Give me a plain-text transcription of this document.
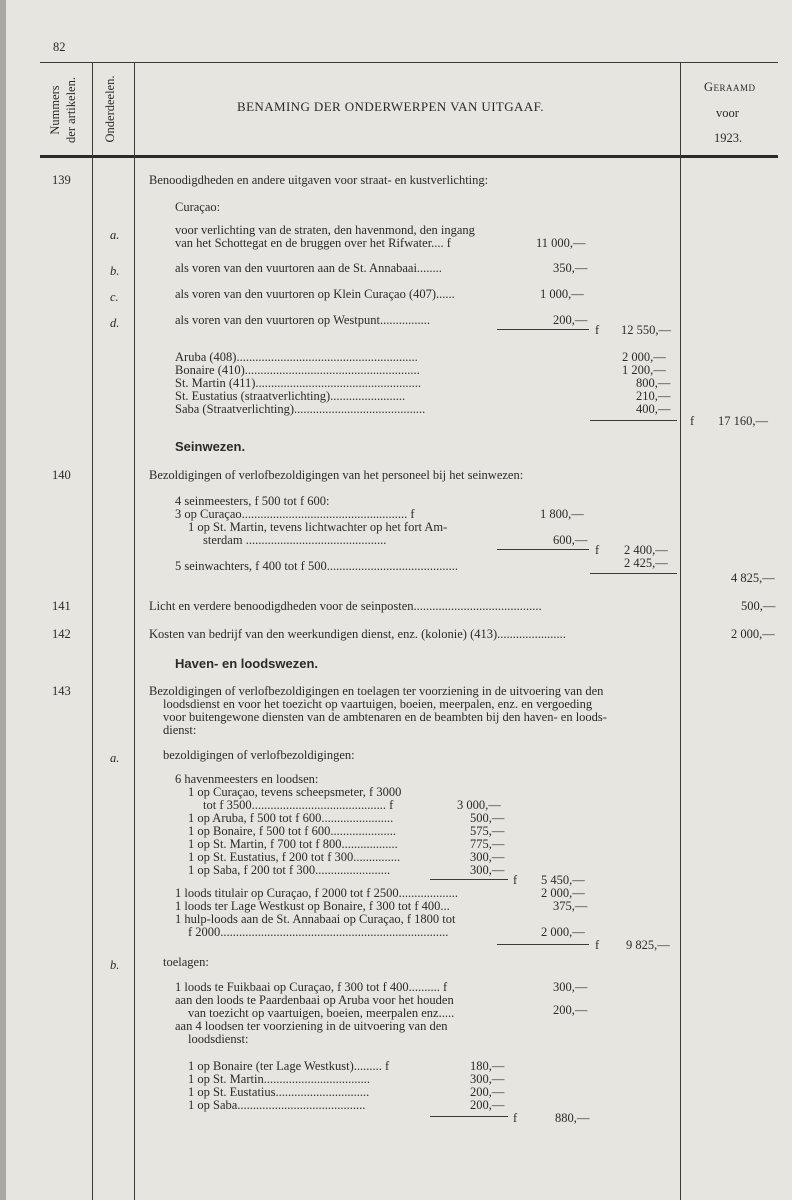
82
Nummers der artikelen.	Onderdeelen.	BENAMING DER ONDERWERPEN VAN UITGAAF.
Geraamd
voor
1923.
139	Benoodigdheden en andere uitgaven voor straat- en kustverlichting:
Curaçao:
a.	voor verlichting van de straten, den havenmond, den ingang
van het Schottegat en de bruggen over het Rifwater.... f	11 000,—
b.	als voren van den vuurtoren aan de St. Annabaai........	350,—
c.	als voren van den vuurtoren op Klein Curaçao (407)......	1 000,—
d.	als voren van den vuurtoren op Westpunt................	200,—
f 12 550,—
Aruba (408)..........................................................	2 000,—
Bonaire (410)........................................................	1 200,—
St. Martin (411).....................................................	800,—
St. Eustatius (straatverlichting)........................	210,—
Saba (Straatverlichting)..........................................	400,—
f 17 160,—
Seinwezen.
140	Bezoldigingen of verlofbezoldigingen van het personeel bij het seinwezen:
4 seinmeesters, f 500 tot f 600:
3 op Curaçao..................................................... f	1 800,—
1 op St. Martin, tevens lichtwachter op het fort Am-
sterdam .............................................	600,—
f 2 400,—
5 seinwachters, f 400 tot f 500..........................................	2 425,—
4 825,—
141	Licht en verdere benoodigdheden voor de seinposten.........................................	500,—
142	Kosten van bedrijf van den weerkundigen dienst, enz. (kolonie) (413)......................	2 000,—
Haven- en loodswezen.
143	Bezoldigingen of verlofbezoldigingen en toelagen ter voorziening in de uitvoering van den
loodsdienst en voor het toezicht op vaartuigen, boeien, meerpalen, enz. en vergoeding
voor buitengewone diensten van de ambtenaren en de beambten bij den haven- en loods-
dienst:
a.	bezoldigingen of verlofbezoldigingen:
6 havenmeesters en loodsen:
1 op Curaçao, tevens scheepsmeter, f 3000
tot f 3500........................................... f	3 000,—
1 op Aruba, f 500 tot f 600.......................	500,—
1 op Bonaire, f 500 tot f 600.....................	575,—
1 op St. Martin, f 700 tot f 800..................	775,—
1 op St. Eustatius, f 200 tot f 300...............	300,—
1 op Saba, f 200 tot f 300........................	300,—
f 5 450,—
1 loods titulair op Curaçao, f 2000 tot f 2500...................	2 000,—
1 loods ter Lage Westkust op Bonaire, f 300 tot f 400...	375,—
1 hulp-loods aan de St. Annabaai op Curaçao, f 1800 tot
f 2000.........................................................................	2 000,—
f 9 825,—
b.	toelagen:
1 loods te Fuikbaai op Curaçao, f 300 tot f 400.......... f	300,—
aan den loods te Paardenbaai op Aruba voor het houden
van toezicht op vaartuigen, boeien, meerpalen enz.....	200,—
aan 4 loodsen ter voorziening in de uitvoering van den
loodsdienst:
1 op Bonaire (ter Lage Westkust)......... f	180,—
1 op St. Martin..................................	300,—
1 op St. Eustatius..............................	200,—
1 op Saba.........................................	200,—
f	880,—
